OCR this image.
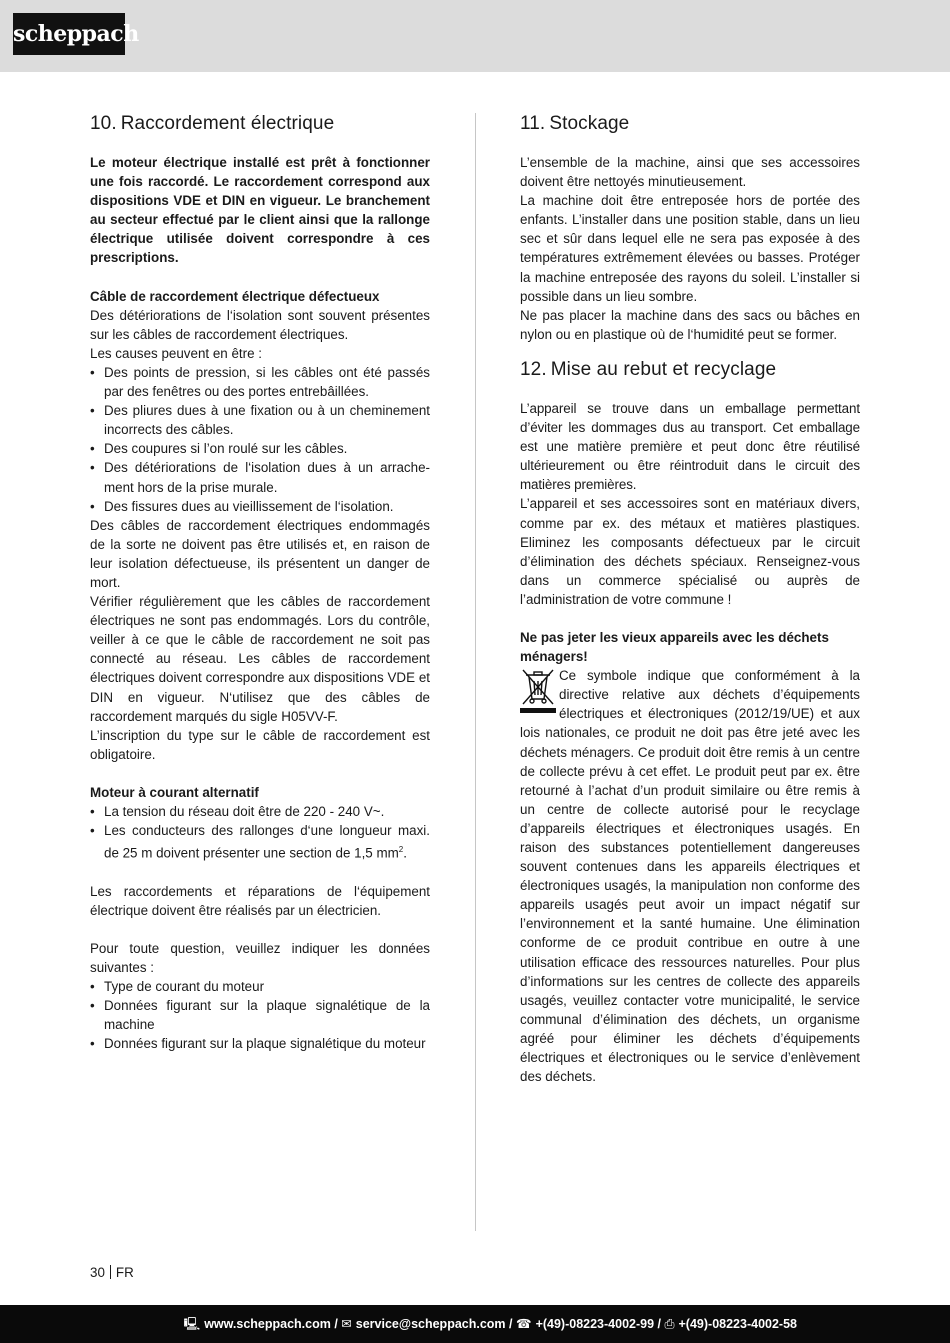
scheppach
10. Raccordement électrique

Le moteur électrique installé est prêt à fonctionner une fois raccordé. Le raccordement correspond aux dispositions VDE et DIN en vigueur. Le branchement au secteur effectué par le client ainsi que la rallonge électrique utilisée doivent correspondre à ces prescriptions.

Câble de raccordement électrique défectueux

Des détériorations de l‘isolation sont souvent présentes sur les câbles de raccordement électriques.

Les causes peuvent en être :

• Des points de pression, si les câbles ont été passés par des fenêtres ou des portes entrebâillées.
• Des pliures dues à une fixation ou à un cheminement incorrects des câbles.
• Des coupures si l’on roulé sur les câbles.
• Des détériorations de l‘isolation dues à un arrachement hors de la prise murale.
• Des fissures dues au vieillissement de l‘isolation.

Des câbles de raccordement électriques endommagés de la sorte ne doivent pas être utilisés et, en raison de leur isolation défectueuse, ils présentent un danger de mort.

Vérifier régulièrement que les câbles de raccordement électriques ne sont pas endommagés. Lors du contrôle, veiller à ce que le câble de raccordement ne soit pas connecté au réseau. Les câbles de raccordement électriques doivent correspondre aux dispositions VDE et DIN en vigueur. N‘utilisez que des câbles de raccordement marqués du sigle H05VV-F.

L’inscription du type sur le câble de raccordement est obligatoire.

Moteur à courant alternatif

• La tension du réseau doit être de 220 - 240 V~.
• Les conducteurs des rallonges d‘une longueur maxi. de 25 m doivent présenter une section de 1,5 $mm^2$.

Les raccordements et réparations de l‘équipement électrique doivent être réalisés par un électricien.

Pour toute question, veuillez indiquer les données suivantes :

• Type de courant du moteur
• Données figurant sur la plaque signalétique de la machine
• Données figurant sur la plaque signalétique du moteur
11. Stockage

L’ensemble de la machine, ainsi que ses accessoires doivent être nettoyés minutieusement.

La machine doit être entreposée hors de portée des enfants. L’installer dans une position stable, dans un lieu sec et sûr dans lequel elle ne sera pas exposée à des températures extrêmement élevées ou basses. Protéger la machine entreposée des rayons du soleil. L’installer si possible dans un lieu sombre.

Ne pas placer la machine dans des sacs ou bâches en nylon ou en plastique où de l‘humidité peut se former.

12. Mise au rebut et recyclage

L’appareil se trouve dans un emballage permettant d’éviter les dommages dus au transport. Cet emballage est une matière première et peut donc être réutilisé ultérieurement ou être réintroduit dans le circuit des matières premières.

L’appareil et ses accessoires sont en matériaux divers, comme par ex. des métaux et matières plastiques. Eliminez les composants défectueux par le circuit d’élimination des déchets spéciaux. Renseignez-vous dans un commerce spécialisé ou auprès de l’administration de votre commune !

Ne pas jeter les vieux appareils avec les déchets ménagers!

Ce symbole indique que conformément à la directive relative aux déchets d’équipements électriques et électroniques (2012/19/UE) et aux lois nationales, ce produit ne doit pas être jeté avec les déchets ménagers. Ce produit doit être remis à un centre de collecte prévu à cet effet. Le produit peut par ex. être retourné à l’achat d’un produit similaire ou être remis à un centre de collecte autorisé pour le recyclage d’appareils électriques et électroniques usagés. En raison des substances potentiellement dangereuses souvent contenues dans les appareils électriques et électroniques usagés, la manipulation non conforme des appareils usagés peut avoir un impact négatif sur l’environnement et la santé humaine. Une élimination conforme de ce produit contribue en outre à une utilisation efficace des ressources naturelles. Pour plus d’informations sur les centres de collecte des appareils usagés, veuillez contacter votre municipalité, le service communal d’élimination des déchets, un organisme agréé pour éliminer les déchets d’équipements électriques et électroniques ou le service d’enlèvement des déchets.

30 FR
🖳 www.scheppach.com / ✉ service@scheppach.com / ☎ +(49)-08223-4002-99 / ⎙ +(49)-08223-4002-58
